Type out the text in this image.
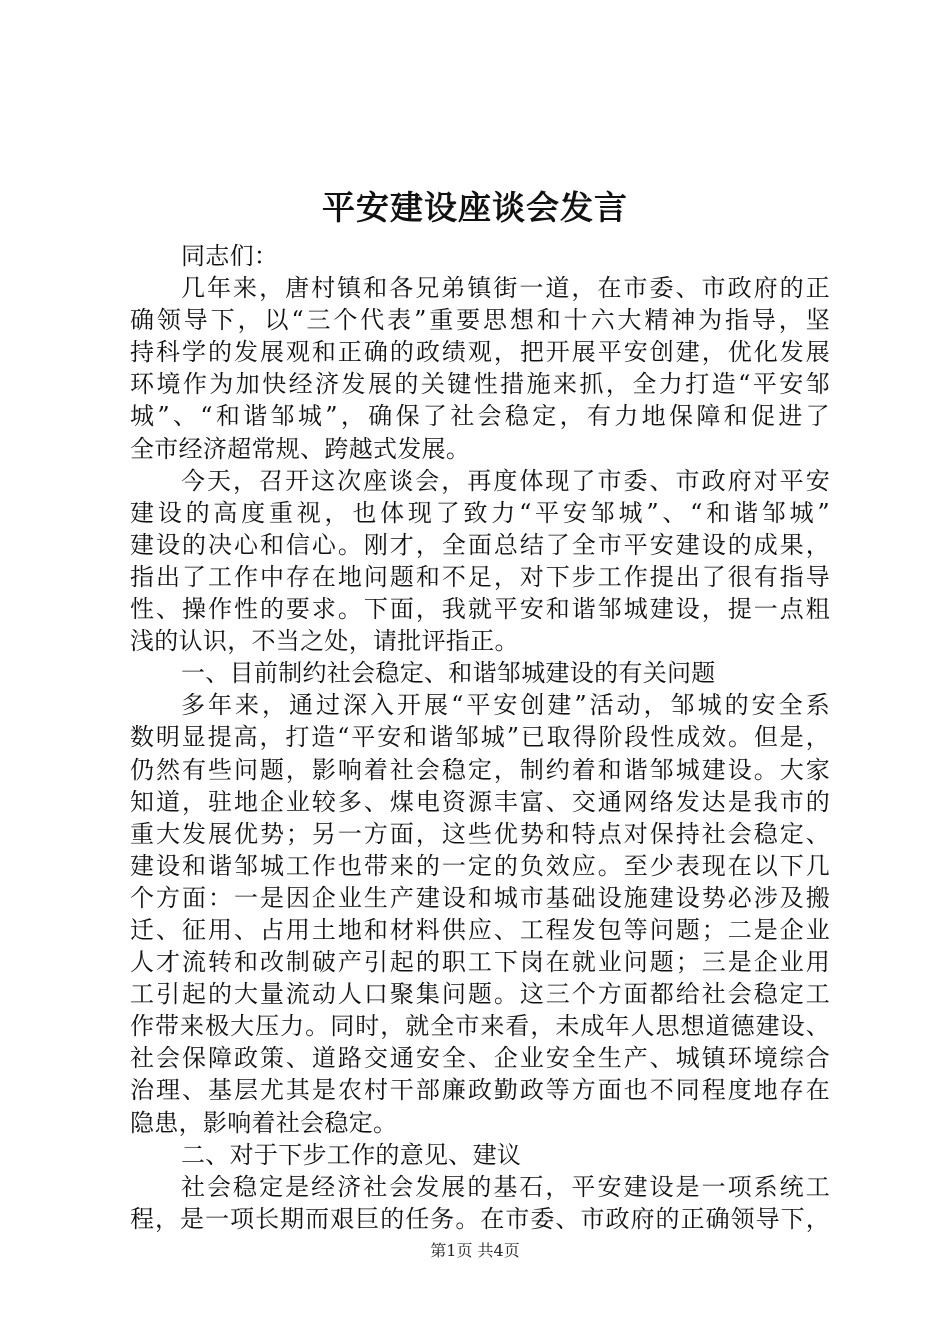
平安建设座谈会发言
同志们：
几年来，唐村镇和各兄弟镇街一道，在市委、市政府的正
确领导下，以“三个代表”重要思想和十六大精神为指导，坚
持科学的发展观和正确的政绩观，把开展平安创建，优化发展
环境作为加快经济发展的关键性措施来抓，全力打造“平安邹
城”、“和谐邹城”，确保了社会稳定，有力地保障和促进了
全市经济超常规、跨越式发展。
今天，召开这次座谈会，再度体现了市委、市政府对平安
建设的高度重视，也体现了致力“平安邹城”、“和谐邹城”
建设的决心和信心。刚才，全面总结了全市平安建设的成果，
指出了工作中存在地问题和不足，对下步工作提出了很有指导
性、操作性的要求。下面，我就平安和谐邹城建设，提一点粗
浅的认识，不当之处，请批评指正。
一、目前制约社会稳定、和谐邹城建设的有关问题
多年来，通过深入开展“平安创建”活动，邹城的安全系
数明显提高，打造“平安和谐邹城”已取得阶段性成效。但是，
仍然有些问题，影响着社会稳定，制约着和谐邹城建设。大家
知道，驻地企业较多、煤电资源丰富、交通网络发达是我市的
重大发展优势；另一方面，这些优势和特点对保持社会稳定、
建设和谐邹城工作也带来的一定的负效应。至少表现在以下几
个方面：一是因企业生产建设和城市基础设施建设势必涉及搬
迁、征用、占用土地和材料供应、工程发包等问题；二是企业
人才流转和改制破产引起的职工下岗在就业问题；三是企业用
工引起的大量流动人口聚集问题。这三个方面都给社会稳定工
作带来极大压力。同时，就全市来看，未成年人思想道德建设、
社会保障政策、道路交通安全、企业安全生产、城镇环境综合
治理、基层尤其是农村干部廉政勤政等方面也不同程度地存在
隐患，影响着社会稳定。
二、对于下步工作的意见、建议
社会稳定是经济社会发展的基石，平安建设是一项系统工
程，是一项长期而艰巨的任务。在市委、市政府的正确领导下，
第1页 共4页
